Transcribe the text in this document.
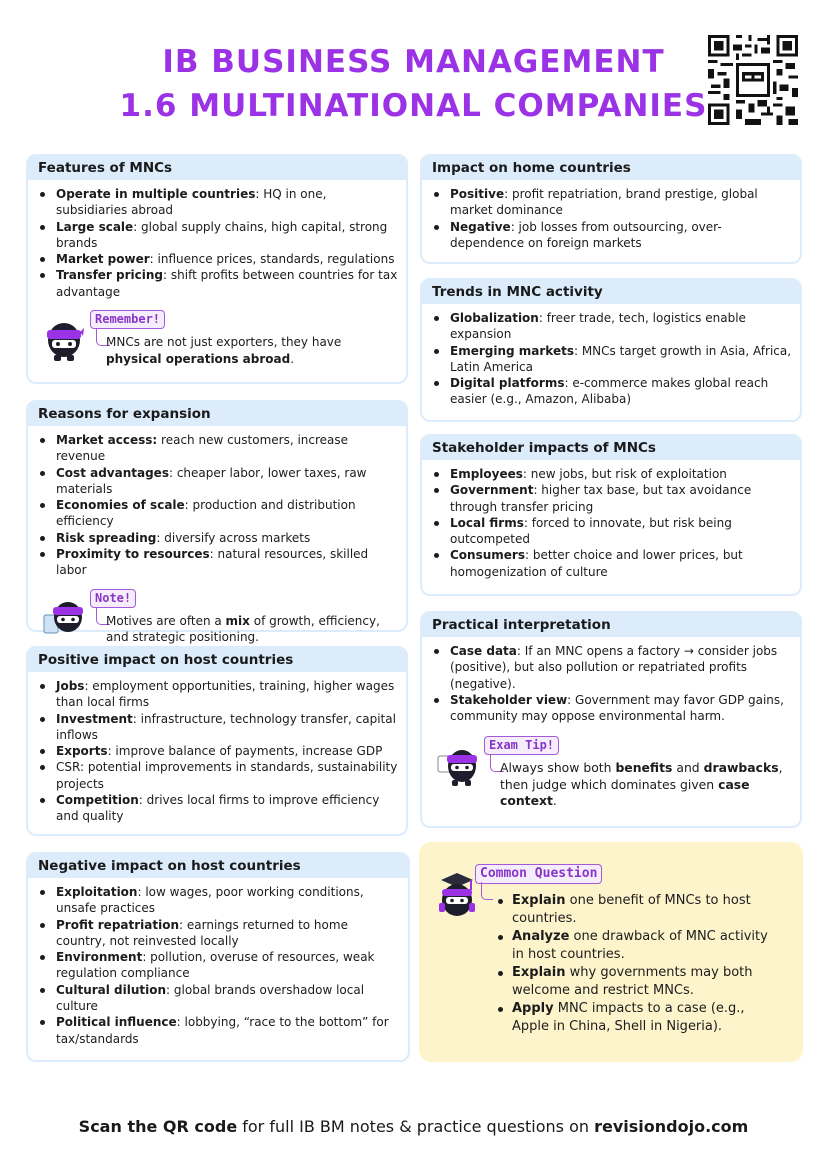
IB BUSINESS MANAGEMENT
1.6 MULTINATIONAL COMPANIES
Features of MNCs
Operate in multiple countries: HQ in one, subsidiaries abroad
Large scale: global supply chains, high capital, strong brands
Market power: influence prices, standards, regulations
Transfer pricing: shift profits between countries for tax advantage
Remember!
MNCs are not just exporters, they have physical operations abroad.
Reasons for expansion
Market access: reach new customers, increase revenue
Cost advantages: cheaper labor, lower taxes, raw materials
Economies of scale: production and distribution efficiency
Risk spreading: diversify across markets
Proximity to resources: natural resources, skilled labor
Note!
Motives are often a mix of growth, efficiency, and strategic positioning.
Positive impact on host countries
Jobs: employment opportunities, training, higher wages than local firms
Investment: infrastructure, technology transfer, capital inflows
Exports: improve balance of payments, increase GDP
CSR: potential improvements in standards, sustainability projects
Competition: drives local firms to improve efficiency and quality
Negative impact on host countries
Exploitation: low wages, poor working conditions, unsafe practices
Profit repatriation: earnings returned to home country, not reinvested locally
Environment: pollution, overuse of resources, weak regulation compliance
Cultural dilution: global brands overshadow local culture
Political influence: lobbying, “race to the bottom” for tax/standards
Impact on home countries
Positive: profit repatriation, brand prestige, global market dominance
Negative: job losses from outsourcing, over-dependence on foreign markets
Trends in MNC activity
Globalization: freer trade, tech, logistics enable expansion
Emerging markets: MNCs target growth in Asia, Africa, Latin America
Digital platforms: e-commerce makes global reach easier (e.g., Amazon, Alibaba)
Stakeholder impacts of MNCs
Employees: new jobs, but risk of exploitation
Government: higher tax base, but tax avoidance through transfer pricing
Local firms: forced to innovate, but risk being outcompeted
Consumers: better choice and lower prices, but homogenization of culture
Practical interpretation
Case data: If an MNC opens a factory → consider jobs (positive), but also pollution or repatriated profits (negative).
Stakeholder view: Government may favor GDP gains, community may oppose environmental harm.
Exam Tip!
Always show both benefits and drawbacks, then judge which dominates given case context.
Common Question
Explain one benefit of MNCs to host countries.
Analyze one drawback of MNC activity in host countries.
Explain why governments may both welcome and restrict MNCs.
Apply MNC impacts to a case (e.g., Apple in China, Shell in Nigeria).
Scan the QR code for full IB BM notes & practice questions on revisiondojo.com
